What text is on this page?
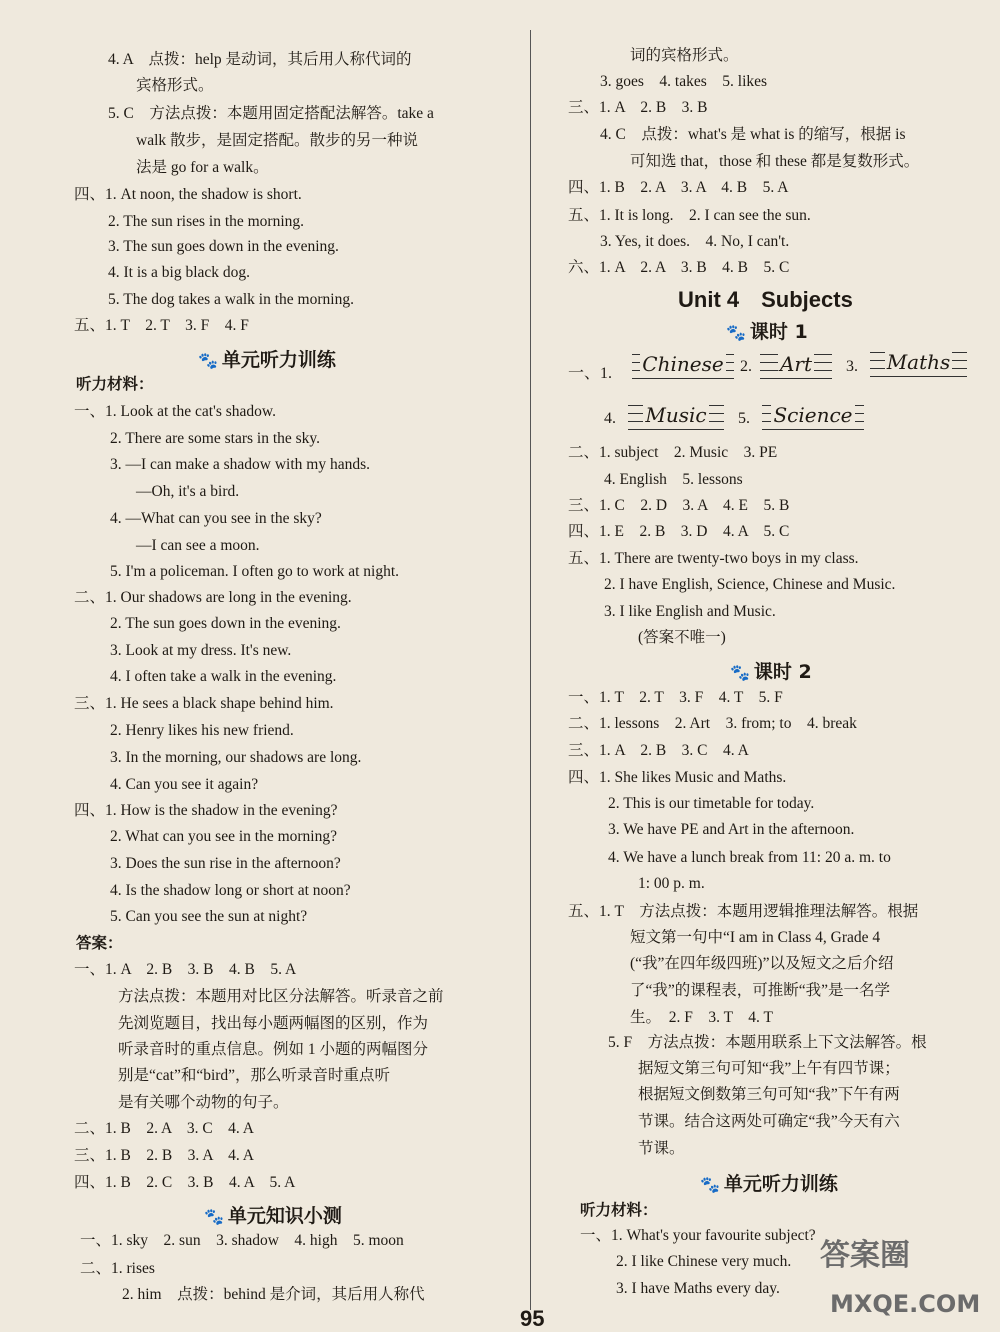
4. A　点拨：help 是动词，其后用人称代词的
宾格形式。
5. C　方法点拨：本题用固定搭配法解答。take a
walk 散步，是固定搭配。散步的另一种说
法是 go for a walk。
四、1. At noon, the shadow is short.
2. The sun rises in the morning.
3. The sun goes down in the evening.
4. It is a big black dog.
5. The dog takes a walk in the morning.
五、1. T　2. T　3. F　4. F
🐾 单元听力训练
听力材料：
一、1. Look at the cat's shadow.
2. There are some stars in the sky.
3. —I can make a shadow with my hands.
—Oh, it's a bird.
4. —What can you see in the sky?
—I can see a moon.
5. I'm a policeman. I often go to work at night.
二、1. Our shadows are long in the evening.
2. The sun goes down in the evening.
3. Look at my dress. It's new.
4. I often take a walk in the evening.
三、1. He sees a black shape behind him.
2. Henry likes his new friend.
3. In the morning, our shadows are long.
4. Can you see it again?
四、1. How is the shadow in the evening?
2. What can you see in the morning?
3. Does the sun rise in the afternoon?
4. Is the shadow long or short at noon?
5. Can you see the sun at night?
答案：
一、1. A　2. B　3. B　4. B　5. A
方法点拨：本题用对比区分法解答。听录音之前
先浏览题目，找出每小题两幅图的区别，作为
听录音时的重点信息。例如 1 小题的两幅图分
别是“cat”和“bird”，那么听录音时重点听
是有关哪个动物的句子。
二、1. B　2. A　3. C　4. A
三、1. B　2. B　3. A　4. A
四、1. B　2. C　3. B　4. A　5. A
🐾 单元知识小测
一、1. sky　2. sun　3. shadow　4. high　5. moon
二、1. rises
2. him　点拨：behind 是介词，其后用人称代
词的宾格形式。
3. goes　4. takes　5. likes
三、1. A　2. B　3. B
4. C　点拨：what's 是 what is 的缩写，根据 is
可知选 that，those 和 these 都是复数形式。
四、1. B　2. A　3. A　4. B　5. A
五、1. It is long.　2. I can see the sun.
3. Yes, it does.　4. No, I can't.
六、1. A　2. A　3. B　4. B　5. C
Unit 4　Subjects
🐾 课时 1
一、1. Chinese 2. Art 3. Maths
4. Music 5. Science
二、1. subject　2. Music　3. PE
4. English　5. lessons
三、1. C　2. D　3. A　4. E　5. B
四、1. E　2. B　3. D　4. A　5. C
五、1. There are twenty-two boys in my class.
2. I have English, Science, Chinese and Music.
3. I like English and Music.
(答案不唯一)
🐾 课时 2
一、1. T　2. T　3. F　4. T　5. F
二、1. lessons　2. Art　3. from; to　4. break
三、1. A　2. B　3. C　4. A
四、1. She likes Music and Maths.
2. This is our timetable for today.
3. We have PE and Art in the afternoon.
4. We have a lunch break from 11: 20 a. m. to
1: 00 p. m.
五、1. T　方法点拨：本题用逻辑推理法解答。根据
短文第一句中“I am in Class 4, Grade 4
(“我”在四年级四班)”以及短文之后介绍
了“我”的课程表，可推断“我”是一名学
生。　2. F　3. T　4. T
5. F　方法点拨：本题用联系上下文法解答。根
据短文第三句可知“我”上午有四节课；
根据短文倒数第三句可知“我”下午有两
节课。结合这两处可确定“我”今天有六
节课。
🐾 单元听力训练
听力材料：
一、1. What's your favourite subject?
2. I like Chinese very much.
3. I have Maths every day.
95
答案圈
MXQE.COM
